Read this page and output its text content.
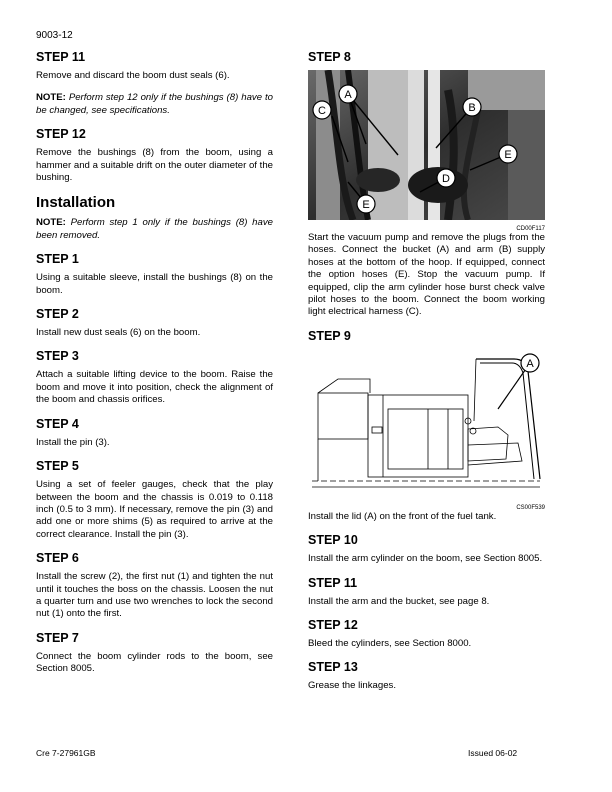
9003-12
STEP 11

Remove and discard the boom dust seals (6).

NOTE: Perform step 12 only if the bushings (8) have to be changed, see specifications.

STEP 12

Remove the bushings (8) from the boom, using a hammer and a suitable drift on the outer diameter of the bushing.

Installation

NOTE: Perform step 1 only if the bushings (8) have been removed.

STEP 1

Using a suitable sleeve, install the bushings (8) on the boom.

STEP 2

Install new dust seals (6) on the boom.

STEP 3

Attach a suitable lifting device to the boom. Raise the boom and move it into position, check the alignment of the boom and chassis orifices.

STEP 4

Install the pin (3).

STEP 5

Using a set of feeler gauges, check that the play between the boom and the chassis is 0.019 to 0.118 inch (0.5 to 3 mm). If necessary, remove the pin (3) and add one or more shims (5) as required to arrive at the correct clearance. Install the pin (3).

STEP 6

Install the screw (2), the first nut (1) and tighten the nut until it touches the boss on the chassis. Loosen the nut a quarter turn and use two wrenches to lock the second nut (1) onto the first.

STEP 7

Connect the boom cylinder rods to the boom, see Section 8005.

STEP 8
A
B
C
D
E
E
CD00F117

Start the vacuum pump and remove the plugs from the hoses. Connect the bucket (A) and arm (B) supply hoses at the bottom of the hoop. If equipped, connect the option hoses (E). Stop the vacuum pump. If equipped, clip the arm cylinder hose burst check valve pilot hoses to the boom. Connect the boom working light electrical harness (C).

STEP 9
A
CS00F539

Install the lid (A) on the front of the fuel tank.

STEP 10

Install the arm cylinder on the boom, see Section 8005.

STEP 11

Install the arm and the bucket, see page 8.

STEP 12

Bleed the cylinders, see Section 8000.

STEP 13

Grease the linkages.

Cre 7-27961GB	Issued 06-02
